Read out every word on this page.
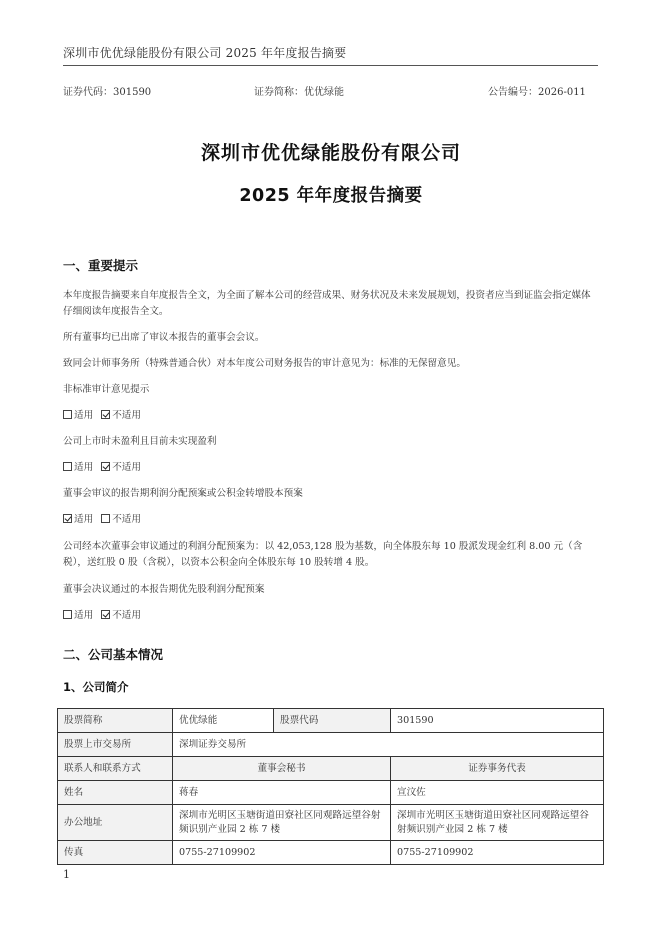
深圳市优优绿能股份有限公司 2025 年年度报告摘要
证券代码：301590	证券简称：优优绿能	公告编号：2026-011
深圳市优优绿能股份有限公司
2025 年年度报告摘要
一、重要提示
本年度报告摘要来自年度报告全文，为全面了解本公司的经营成果、财务状况及未来发展规划，投资者应当到证监会指定媒体仔细阅读年度报告全文。
所有董事均已出席了审议本报告的董事会会议。
致同会计师事务所（特殊普通合伙）对本年度公司财务报告的审计意见为：标准的无保留意见。
非标准审计意见提示
适用 不适用
公司上市时未盈利且目前未实现盈利
适用 不适用
董事会审议的报告期利润分配预案或公积金转增股本预案
适用 不适用
公司经本次董事会审议通过的利润分配预案为：以 42,053,128 股为基数，向全体股东每 10 股派发现金红利 8.00 元（含税），送红股 0 股（含税），以资本公积金向全体股东每 10 股转增 4 股。
董事会决议通过的本报告期优先股利润分配预案
适用 不适用
二、公司基本情况
1、公司简介
股票简称	优优绿能	股票代码	301590
股票上市交易所	深圳证券交易所		
联系人和联系方式	董事会秘书		证券事务代表
姓名	蒋春		宣汶佐
办公地址	深圳市光明区玉塘街道田寮社区同观路远望谷射频识别产业园 2 栋 7 楼		深圳市光明区玉塘街道田寮社区同观路远望谷射频识别产业园 2 栋 7 楼
传真	0755-27109902		0755-27109902
1
